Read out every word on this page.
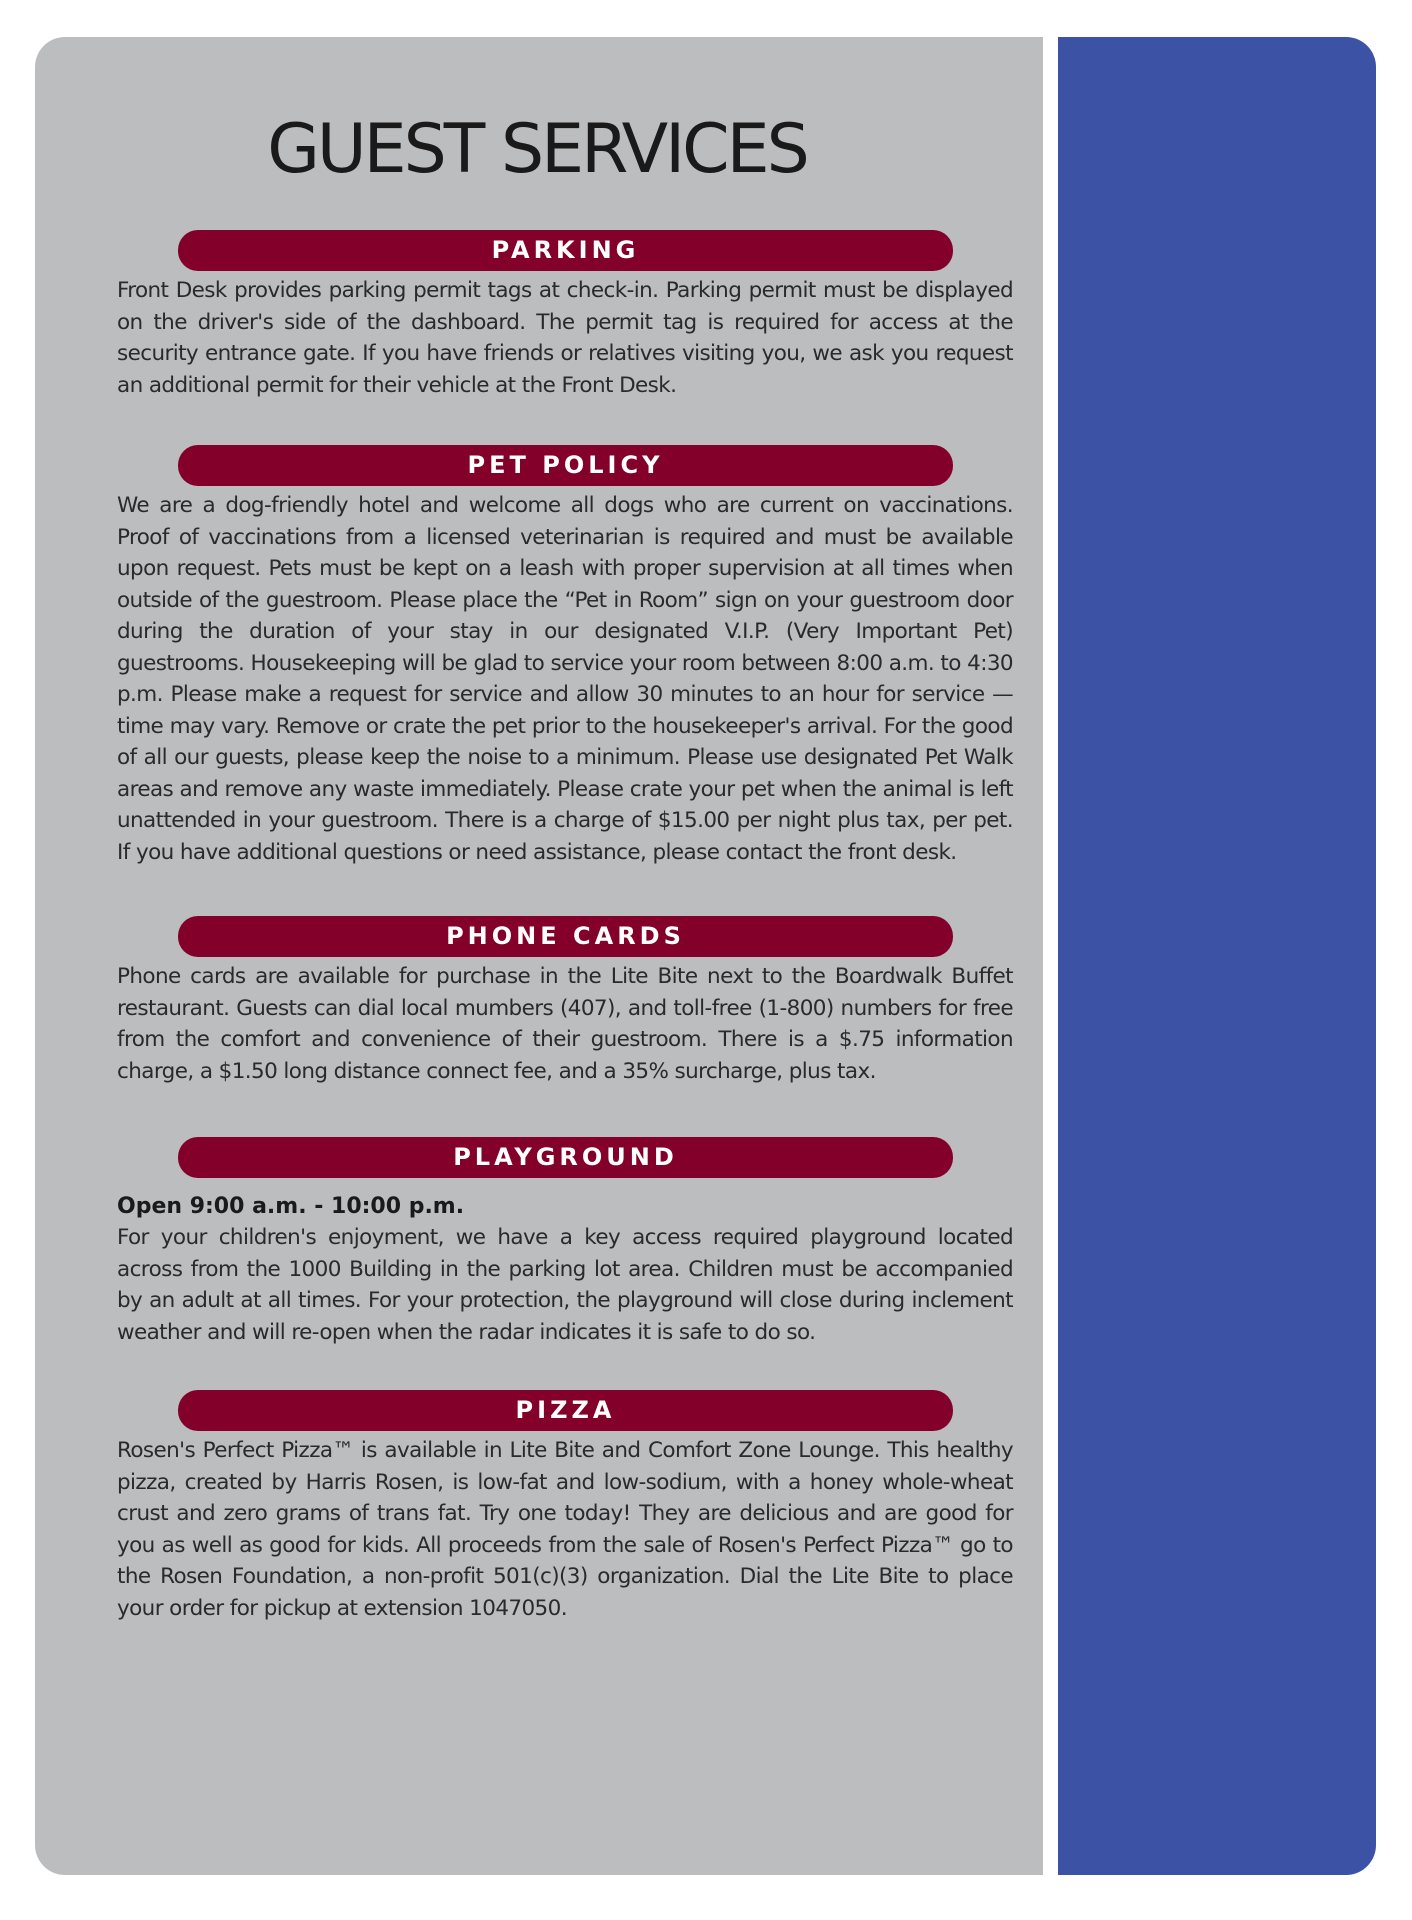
GUEST SERVICES
PARKING

Front Desk provides parking permit tags at check-in. Parking permit must be displayed on the driver's side of the dashboard. The permit tag is required for access at the security entrance gate. If you have friends or relatives visiting you, we ask you request an additional permit for their vehicle at the Front Desk.

PET POLICY

We are a dog-friendly hotel and welcome all dogs who are current on vaccinations. Proof of vaccinations from a licensed veterinarian is required and must be available upon request. Pets must be kept on a leash with proper supervision at all times when outside of the guestroom. Please place the “Pet in Room” sign on your guestroom door during the duration of your stay in our designated V.I.P. (Very Important Pet) guestrooms. Housekeeping will be glad to service your room between 8:00 a.m. to 4:30 p.m. Please make a request for service and allow 30 minutes to an hour for service — time may vary. Remove or crate the pet prior to the housekeeper's arrival. For the good of all our guests, please keep the noise to a minimum. Please use designated Pet Walk areas and remove any waste immediately. Please crate your pet when the animal is left unattended in your guestroom. There is a charge of $15.00 per night plus tax, per pet. If you have additional questions or need assistance, please contact the front desk.

PHONE CARDS

Phone cards are available for purchase in the Lite Bite next to the Boardwalk Buffet restaurant. Guests can dial local mumbers (407), and toll-free (1-800) numbers for free from the comfort and convenience of their guestroom. There is a $.75 information charge, a $1.50 long distance connect fee, and a 35% surcharge, plus tax.

PLAYGROUND

Open 9:00 a.m. - 10:00 p.m.

For your children's enjoyment, we have a key access required playground located across from the 1000 Building in the parking lot area. Children must be accompanied by an adult at all times. For your protection, the playground will close during inclement weather and will re-open when the radar indicates it is safe to do so.

PIZZA

Rosen's Perfect Pizza™ is available in Lite Bite and Comfort Zone Lounge. This healthy pizza, created by Harris Rosen, is low-fat and low-sodium, with a honey whole-wheat crust and zero grams of trans fat. Try one today! They are delicious and are good for you as well as good for kids. All proceeds from the sale of Rosen's Perfect Pizza™ go to the Rosen Foundation, a non-profit 501(c)(3) organization. Dial the Lite Bite to place your order for pickup at extension 1047050.
